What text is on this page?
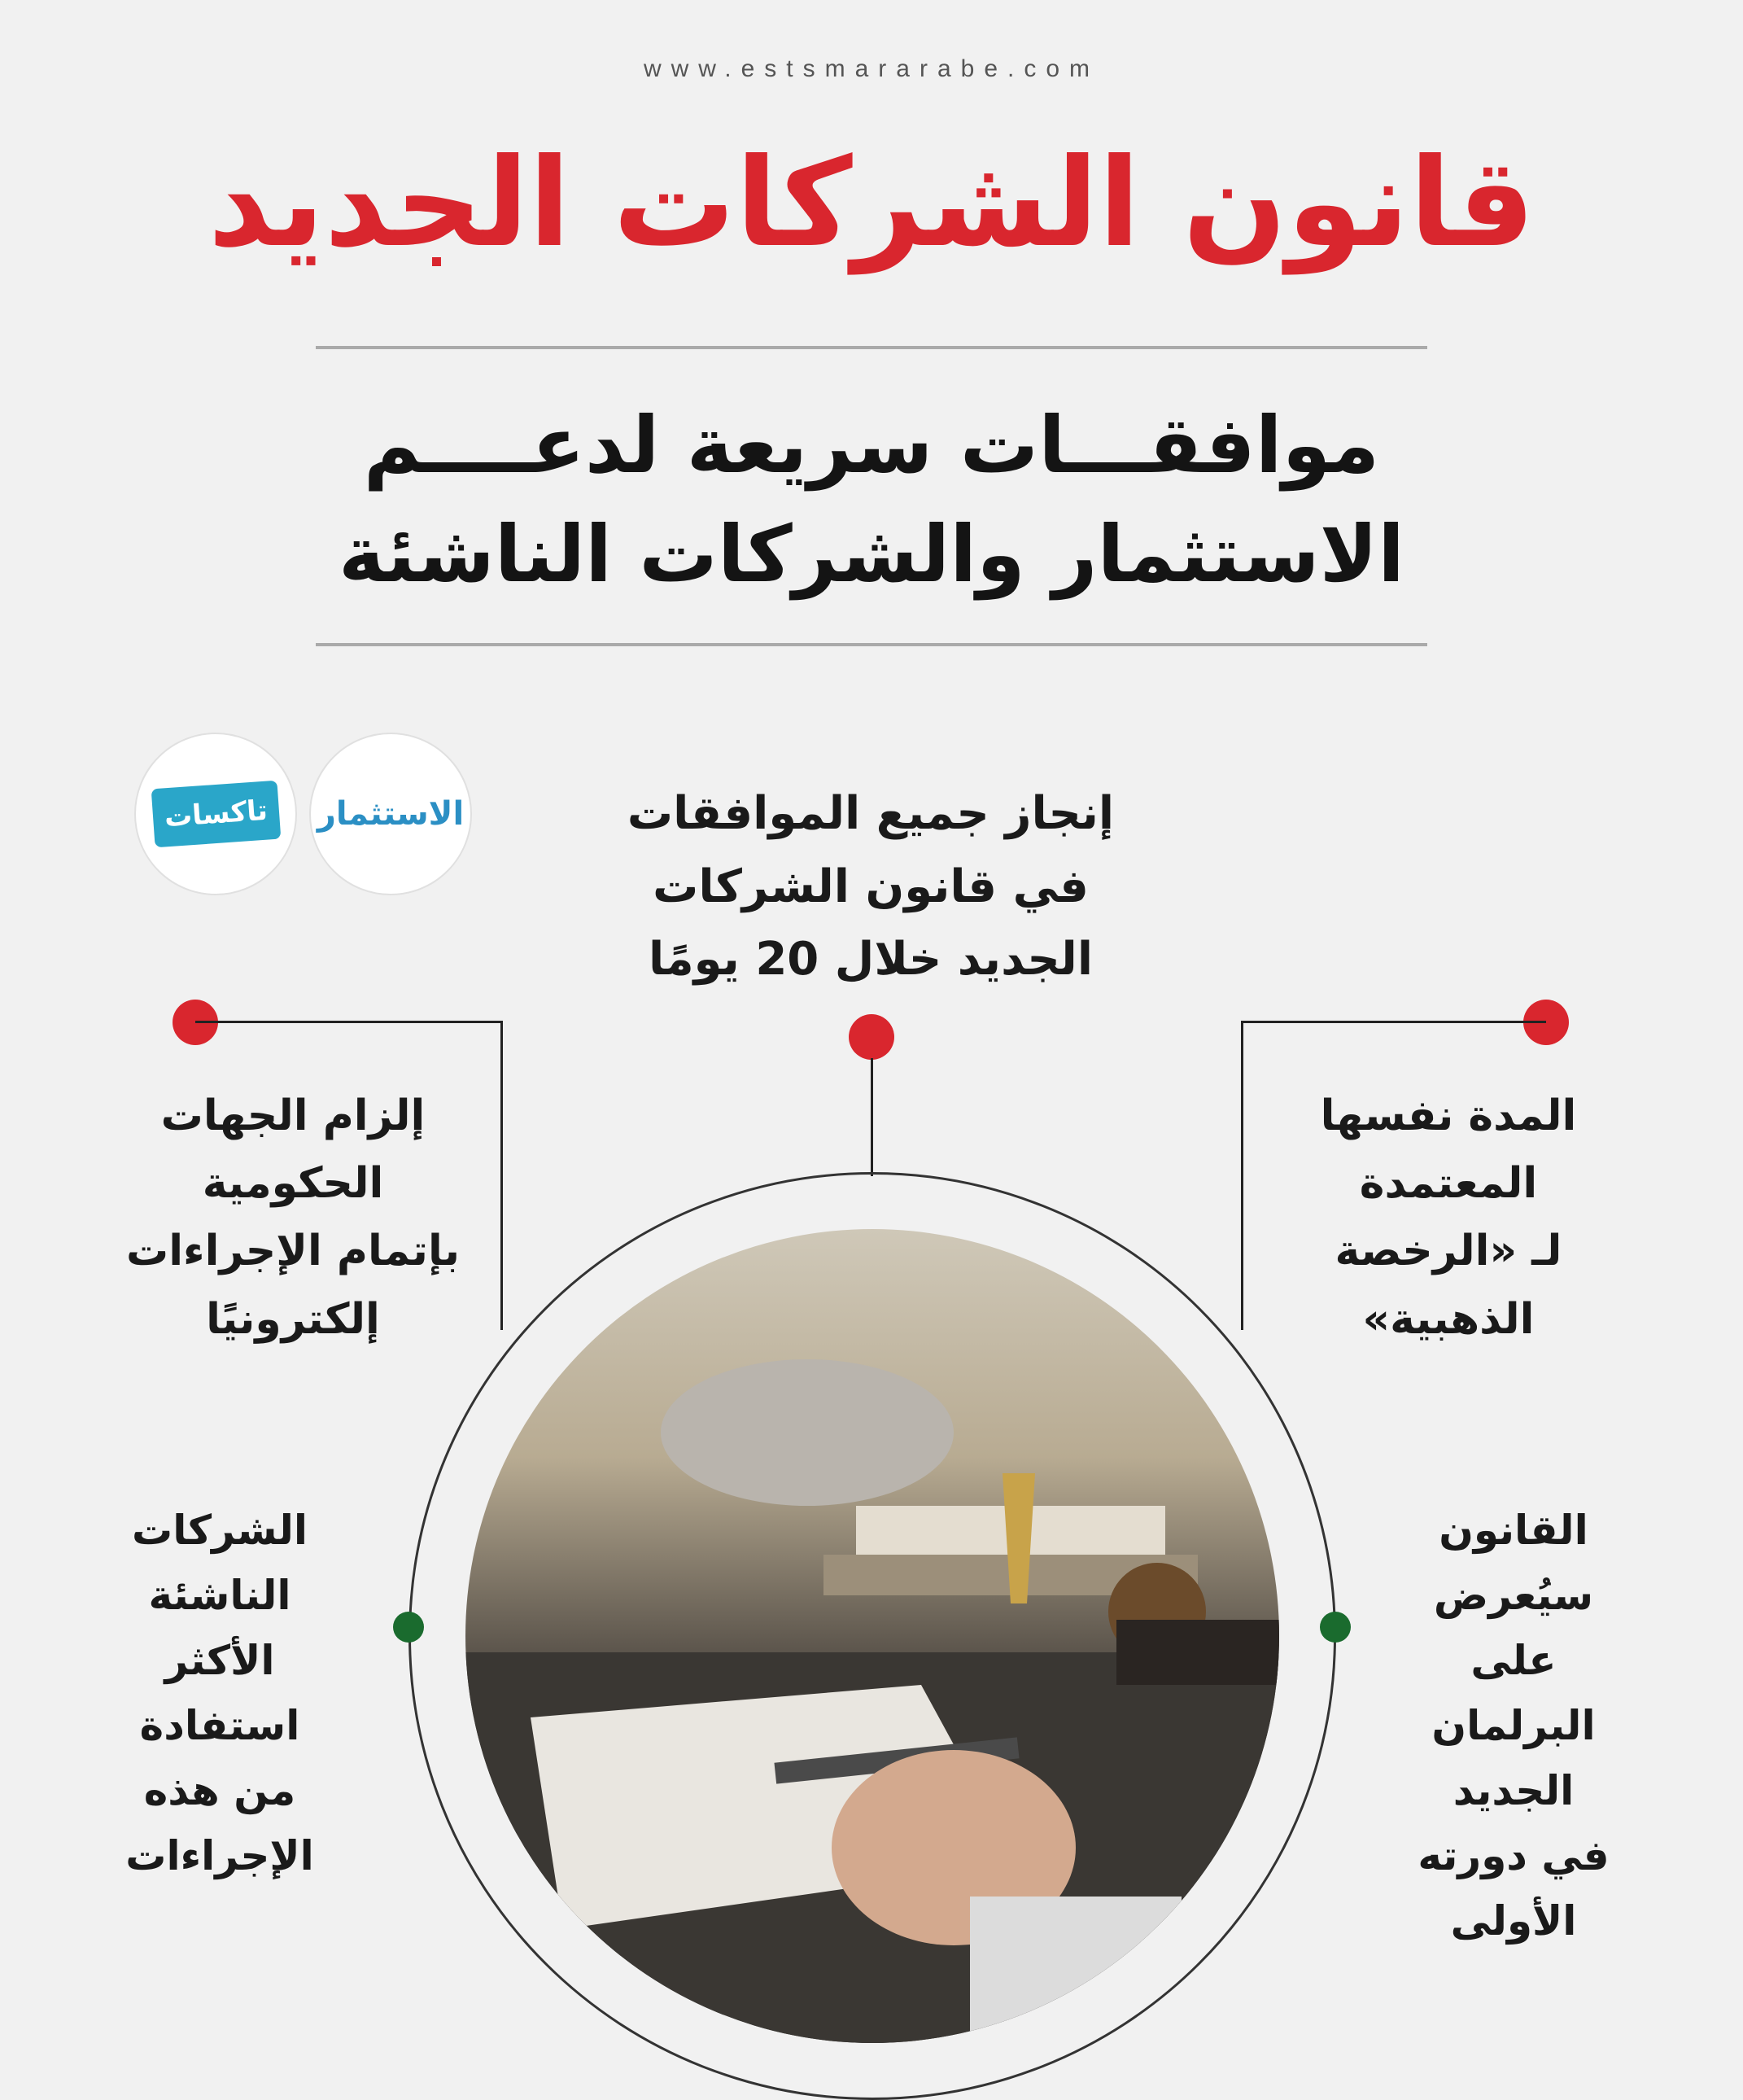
www.estsmararabe.com
قانون الشركات الجديد
موافقـــات سريعة لدعــــم
الاستثمار والشركات الناشئة
تاكسات	الاستثمار	إنجاز جميع الموافقات
في قانون الشركات
الجديد خلال 20 يومًا
إلزام الجهات
الحكومية
بإتمام الإجراءات
إلكترونيًا
المدة نفسها
المعتمدة
لـ «الرخصة
الذهبية»
الشركات
الناشئة
الأكثر
استفادة
من هذه
الإجراءات
القانون
سيُعرض
على
البرلمان
الجديد
في دورته
الأولى
